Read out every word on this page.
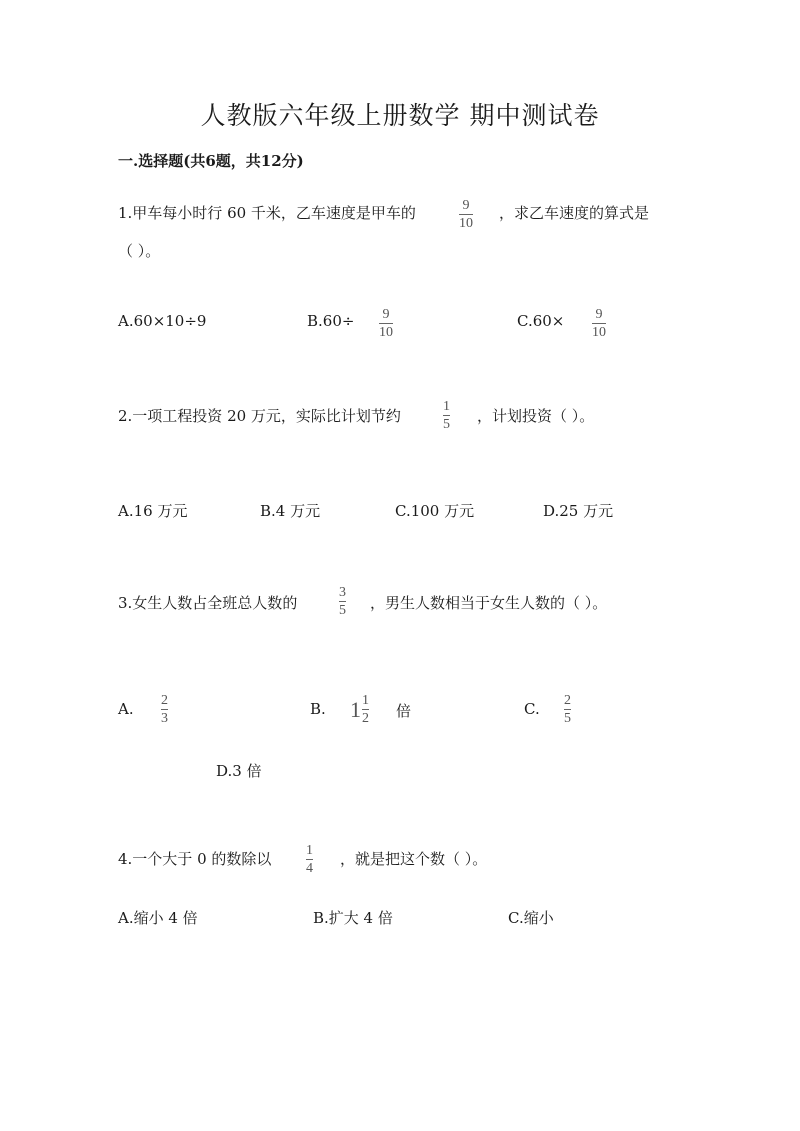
人教版六年级上册数学 期中测试卷
一.选择题(共6题，共12分)
1.甲车每小时行 60 千米，乙车速度是甲车的	9
10
，求乙车速度的算式是
（ ）。
A.60×10÷9	B.60÷ 9
10
C.60× 9
10
2.一项工程投资 20 万元，实际比计划节约
1
5 ，计划投资（ ）。
A.16 万元	B.4 万元	C.100 万元	D.25 万元
3.女生人数占全班总人数的
3
5 ，男生人数相当于女生人数的（ ）。
A. 2
3
B. $1 \frac{1}{2}$ 倍	C. 2
5
D.3 倍
4.一个大于 0 的数除以 1
4
，就是把这个数（ ）。
A.缩小 4 倍	B.扩大 4 倍	C.缩小
